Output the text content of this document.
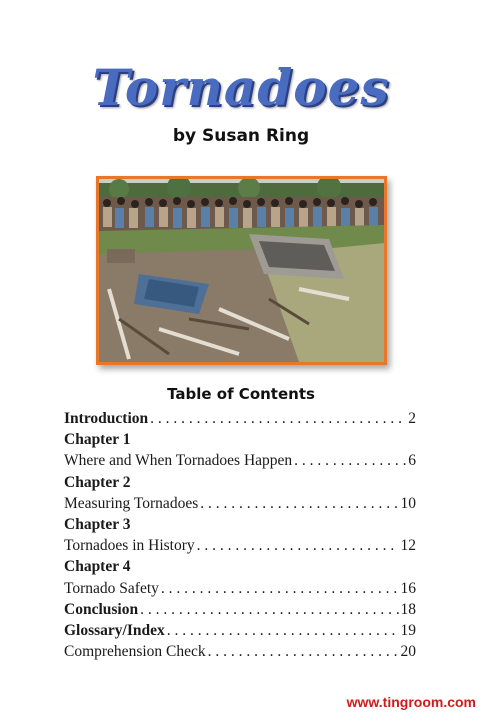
Tornadoes
by Susan Ring
Table of Contents
Introduction . . .	2
Chapter 1
Where and When Tornadoes Happen . . .	6
Chapter 2
Measuring Tornadoes . . .	10
Chapter 3
Tornadoes in History . . .	12
Chapter 4
Tornado Safety . . .	16
Conclusion . . .	18
Glossary/Index . . .	19
Comprehension Check . . .	20
www.tingroom.com
